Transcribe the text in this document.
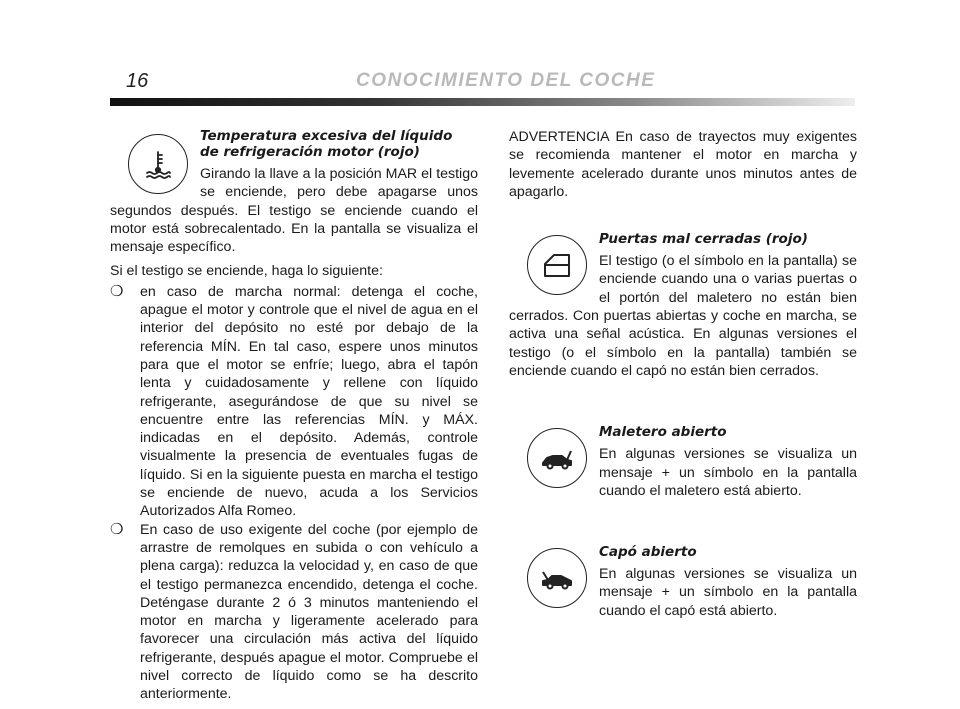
16	CONOCIMIENTO DEL COCHE

Temperatura excesiva del líquido
de refrigeración motor (rojo)

Girando la llave a la posición MAR el testigo se enciende, pero debe apagarse unos segundos después. El testigo se enciende cuando el motor está sobrecalentado. En la pantalla se visualiza el mensaje específico.

Si el testigo se enciende, haga lo siguiente:

❍ en caso de marcha normal: detenga el coche, apague el motor y controle que el nivel de agua en el interior del depósito no esté por debajo de la referencia MÍN. En tal caso, espere unos minutos para que el motor se enfríe; luego, abra el tapón lenta y cuidadosamente y rellene con líquido refrigerante, asegurándose de que su nivel se encuentre entre las referencias MÍN. y MÁX. indicadas en el depósito. Además, controle visualmente la presencia de eventuales fugas de líquido. Si en la siguiente puesta en marcha el testigo se enciende de nuevo, acuda a los Servicios Autorizados Alfa Romeo.
❍ En caso de uso exigente del coche (por ejemplo de arrastre de remolques en subida o con vehículo a plena carga): reduzca la velocidad y, en caso de que el testigo permanezca encendido, detenga el coche. Deténgase durante 2 ó 3 minutos manteniendo el motor en marcha y ligeramente acelerado para favorecer una circulación más activa del líquido refrigerante, después apague el motor. Compruebe el nivel correcto de líquido como se ha descrito anteriormente.

ADVERTENCIA En caso de trayectos muy exigentes se recomienda mantener el motor en marcha y levemente acelerado durante unos minutos antes de apagarlo.

Puertas mal cerradas (rojo)

El testigo (o el símbolo en la pantalla) se enciende cuando una o varias puertas o el portón del maletero no están bien cerrados. Con puertas abiertas y coche en marcha, se activa una señal acústica. En algunas versiones el testigo (o el símbolo en la pantalla) también se enciende cuando el capó no están bien cerrados.

Maletero abierto

En algunas versiones se visualiza un mensaje + un símbolo en la pantalla cuando el maletero está abierto.

Capó abierto

En algunas versiones se visualiza un mensaje + un símbolo en la pantalla cuando el capó está abierto.
